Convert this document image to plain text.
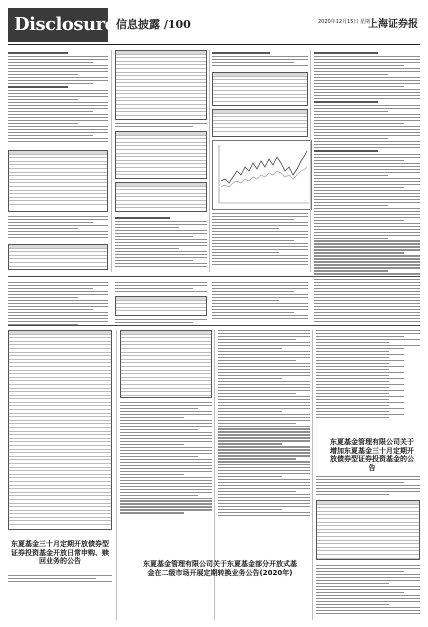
Disclosure 信息披露 /100	2020年12月15日 星期二
上海证券报
东夏基金三十月定期开放债券型证券投资基金开放日常申购、赎回业务的公告	东夏基金管理有限公司关于东夏基金部分开放式基金在二级市场开展定期转换业务公告(2020年)
东夏基金管理有限公司关于增加东夏基金三十月定期开放债券型证券投资基金的公告
